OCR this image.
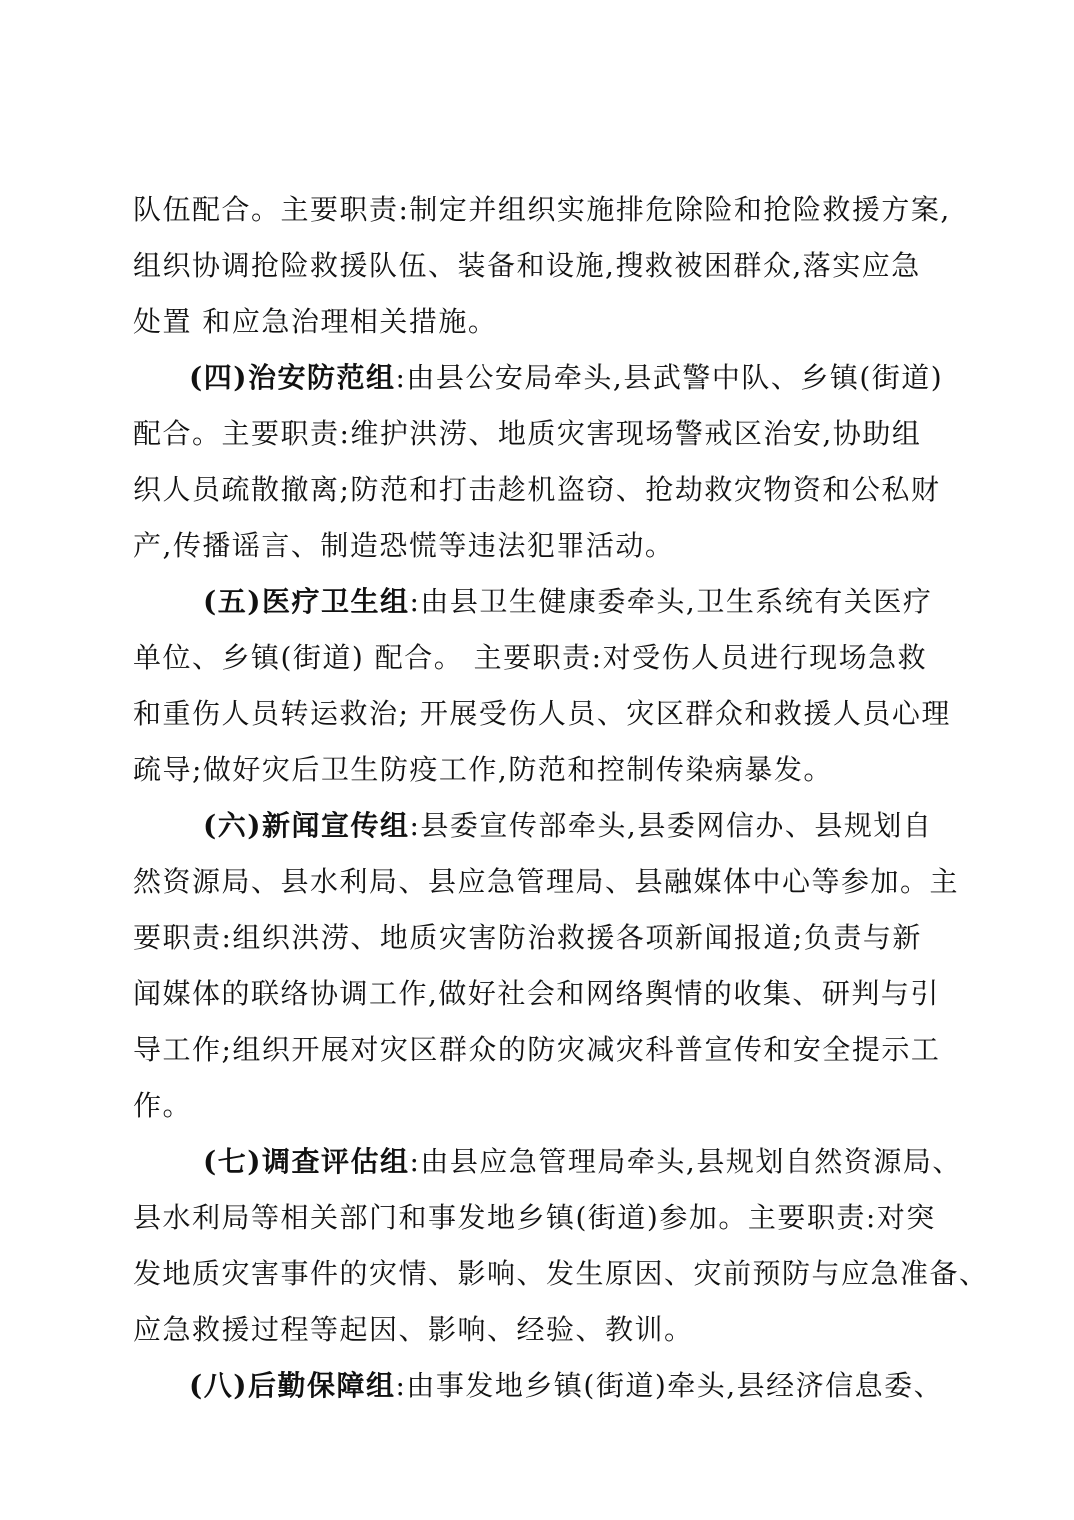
队伍配合。主要职责:制定并组织实施排危除险和抢险救援方案,
组织协调抢险救援队伍、装备和设施,搜救被困群众,落实应急
处置 和应急治理相关措施。
(四)治安防范组:由县公安局牵头,县武警中队、乡镇(街道)
配合。主要职责:维护洪涝、地质灾害现场警戒区治安,协助组
织人员疏散撤离;防范和打击趁机盗窃、抢劫救灾物资和公私财
产,传播谣言、制造恐慌等违法犯罪活动。
(五)医疗卫生组:由县卫生健康委牵头,卫生系统有关医疗
单位、乡镇(街道) 配合。 主要职责:对受伤人员进行现场急救
和重伤人员转运救治; 开展受伤人员、灾区群众和救援人员心理
疏导;做好灾后卫生防疫工作,防范和控制传染病暴发。
(六)新闻宣传组:县委宣传部牵头,县委网信办、县规划自
然资源局、县水利局、县应急管理局、县融媒体中心等参加。主
要职责:组织洪涝、地质灾害防治救援各项新闻报道;负责与新
闻媒体的联络协调工作,做好社会和网络舆情的收集、研判与引
导工作;组织开展对灾区群众的防灾减灾科普宣传和安全提示工
作。
(七)调查评估组:由县应急管理局牵头,县规划自然资源局、
县水利局等相关部门和事发地乡镇(街道)参加。主要职责:对突
发地质灾害事件的灾情、影响、发生原因、灾前预防与应急准备、
应急救援过程等起因、影响、经验、教训。
(八)后勤保障组:由事发地乡镇(街道)牵头,县经济信息委、
